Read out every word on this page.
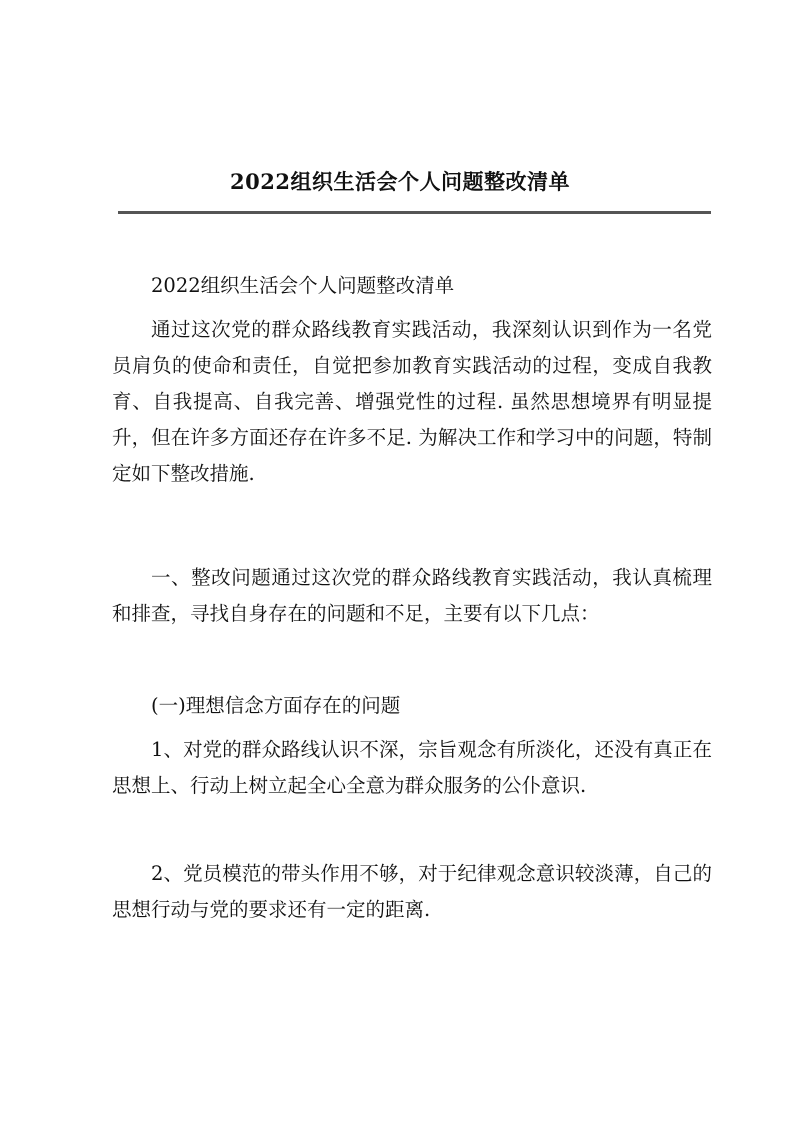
2022组织生活会个人问题整改清单

2022组织生活会个人问题整改清单

通过这次党的群众路线教育实践活动，我深刻认识到作为一名党员肩负的使命和责任，自觉把参加教育实践活动的过程，变成自我教育、自我提高、自我完善、增强党性的过程. 虽然思想境界有明显提升，但在许多方面还存在许多不足. 为解决工作和学习中的问题，特制定如下整改措施.

一、整改问题通过这次党的群众路线教育实践活动，我认真梳理和排查，寻找自身存在的问题和不足，主要有以下几点：

(一)理想信念方面存在的问题

1、对党的群众路线认识不深，宗旨观念有所淡化，还没有真正在思想上、行动上树立起全心全意为群众服务的公仆意识.

2、党员模范的带头作用不够，对于纪律观念意识较淡薄，自己的思想行动与党的要求还有一定的距离.
